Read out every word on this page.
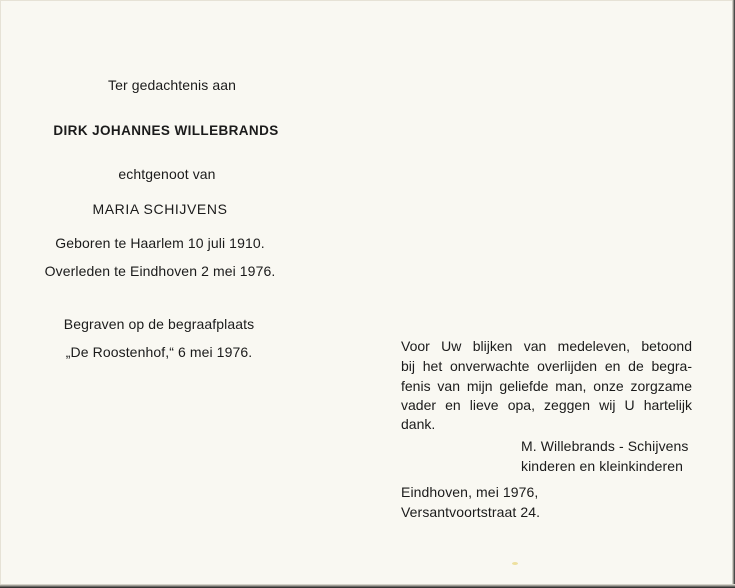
Ter gedachtenis aan
DIRK JOHANNES WILLEBRANDS
echtgenoot van
MARIA SCHIJVENS
Geboren te Haarlem 10 juli 1910.
Overleden te Eindhoven 2 mei 1976.
Begraven op de begraafplaats
„De Roostenhof,“ 6 mei 1976.	Voor Uw blijken van medeleven, betoond
bij het onverwachte overlijden en de begra-
fenis van mijn geliefde man, onze zorgzame
vader en lieve opa, zeggen wij U hartelijk
dank.
M. Willebrands - Schijvens
kinderen en kleinkinderen
Eindhoven, mei 1976,
Versantvoortstraat 24.
